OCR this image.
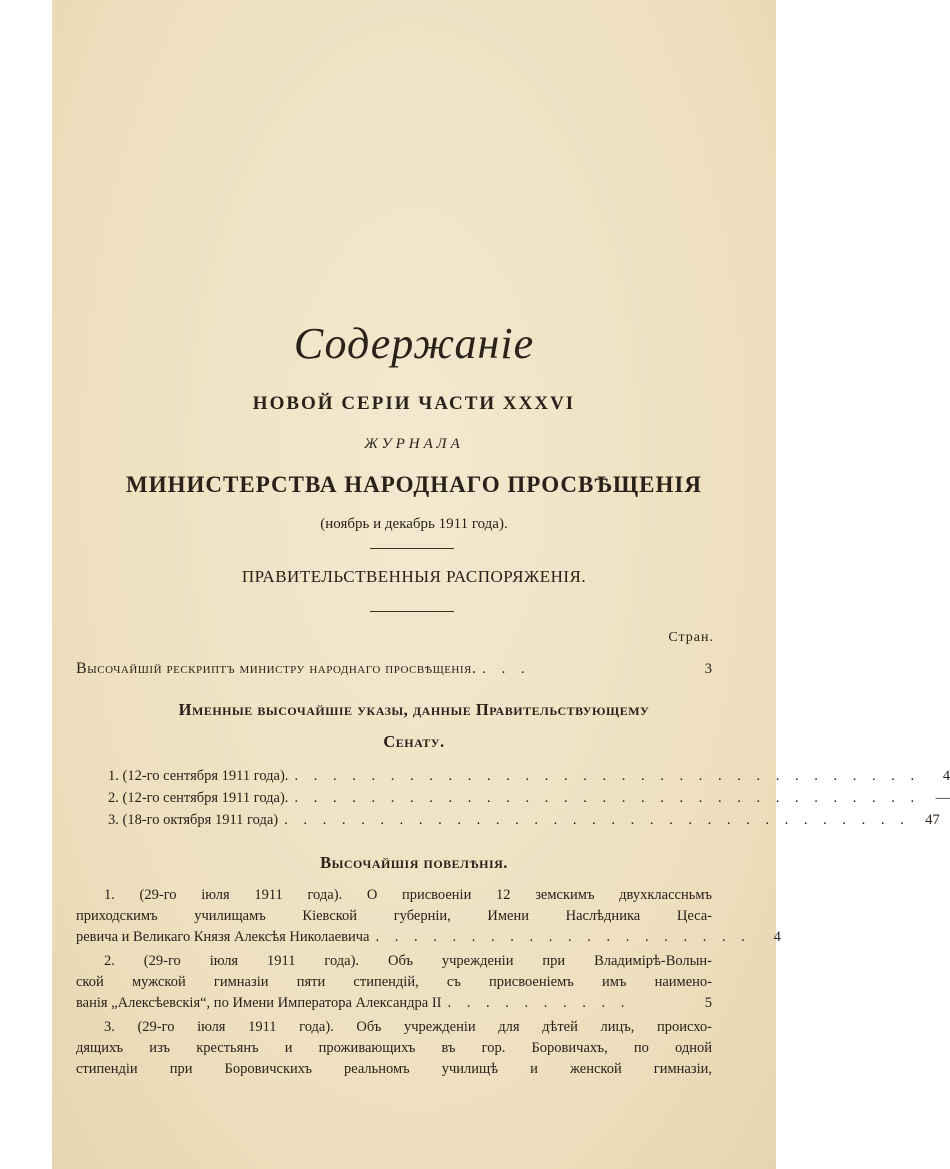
Содержаніе
НОВОЙ СЕРІИ ЧАСТИ XXXVI
ЖУРНАЛА
МИНИСТЕРСТВА НАРОДНАГО ПРОСВѢЩЕНІЯ
(ноябрь и декабрь 1911 года).
ПРАВИТЕЛЬСТВЕННЫЯ РАСПОРЯЖЕНІЯ.
Стран.
Высочайшій рескриптъ министру народнаго просвѣщенія. . . .	3
Именные высочайшіе указы, данные Правительствующему
Сенату.
1. (12-го сентября 1911 года). . . . . . . . . . . . . . . . . . . . . . . . . . . . . . . . . .	4
2. (12-го сентября 1911 года). . . . . . . . . . . . . . . . . . . . . . . . . . . . . . . . . .	—
3. (18-го октября 1911 года) . . . . . . . . . . . . . . . . . . . . . . . . . . . . . . . . .	47
Высочайшія повелѣнія.
1. (29-го іюля 1911 года). О присвоеніи 12 земскимъ двухклассньмъ
приходскимъ училищамъ Кіевской губерніи, Имени Наслѣдника Цеса-
ревича и Великаго Князя Алексѣя Николаевича . . . . . . . . . . . . . . . . . . . .	4
2. (29-го іюля 1911 года). Объ учрежденіи при Владимірѣ-Волын-
ской мужской гимназіи пяти стипендій, съ присвоеніемъ имъ наимено-
ванія „Алексѣевскія“, по Имени Императора Александра II . . . . . . . . . .	5
3. (29-го іюля 1911 года). Объ учрежденіи для дѣтей лицъ, происхо-
дящихъ изъ крестьянъ и проживающихъ въ гор. Боровичахъ, по одной
стипендіи при Боровичскихъ реальномъ училищѣ и женской гимназіи,
